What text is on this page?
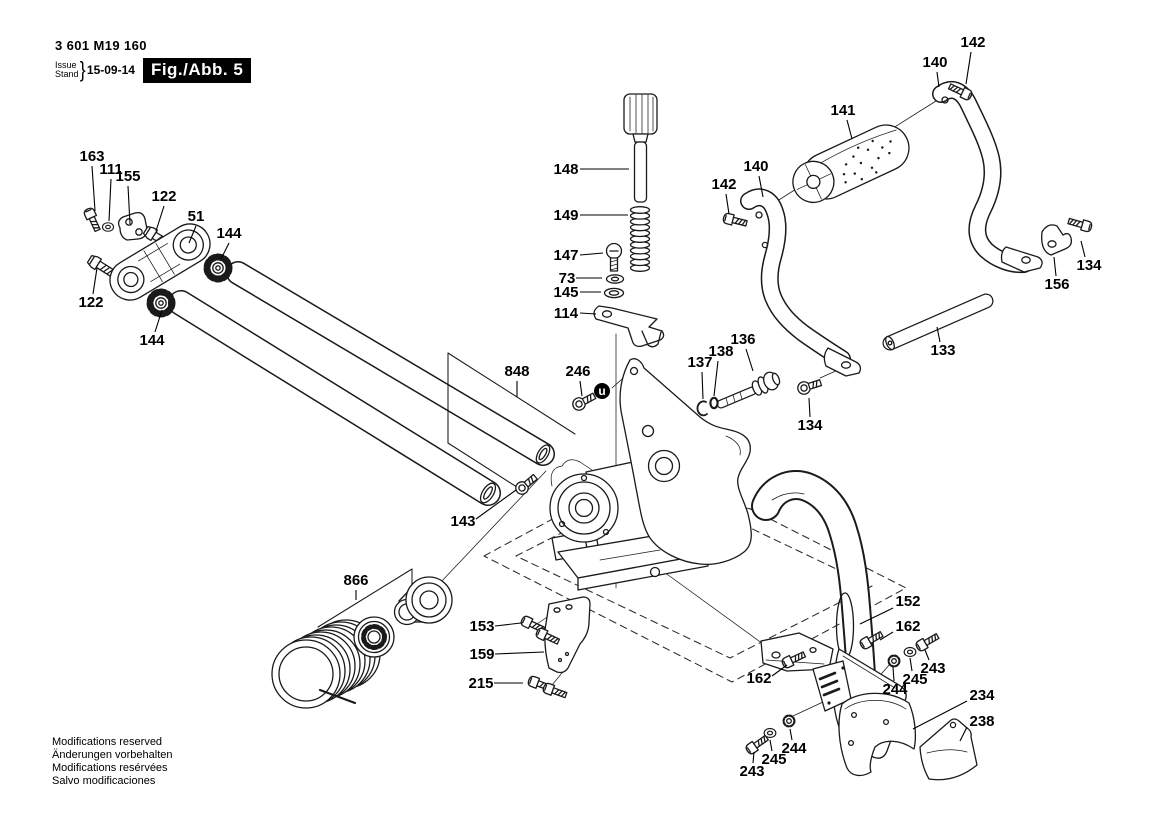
3 601 M19 160
Issue
Stand } 15-09-14 Fig./Abb. 5
Modifications reserved
Änderungen vorbehalten
Modifications resérvées
Salvo modificaciones
163
111
155
122
51
144
122
144
148
149
147
73
145
114
142
140
141
140
142
134
156
133
136
138
137
134
848 246
u
143
866
153
159
215
152
162
243
245
244
162
234
238
243
245
244
